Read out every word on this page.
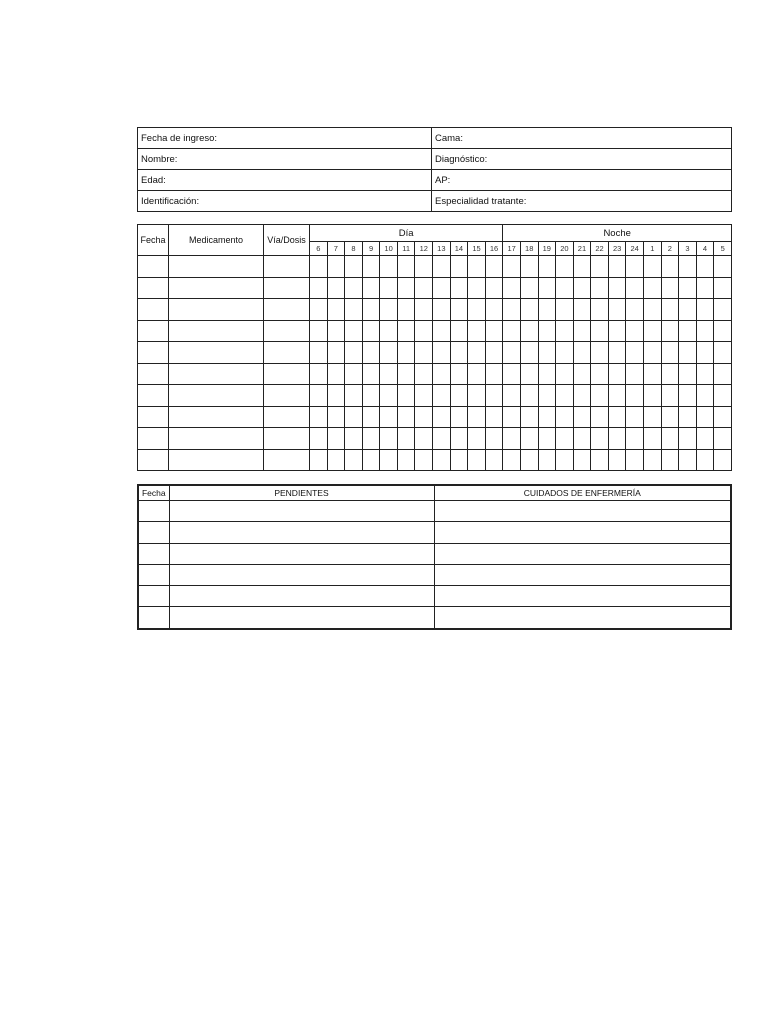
Fecha de ingreso:	Cama:
Nombre:	Diagnóstico:
Edad:	AP:
Identificación:	Especialidad tratante:
Fecha	Medicamento	Vía/Dosis	Día											Noche												
			6	7	8	9	10	11	12	13	14	15	16	17	18	19	20	21	22	23	24	1	2	3	4	5

Fecha	PENDIENTES	CUIDADOS DE ENFERMERÍA
